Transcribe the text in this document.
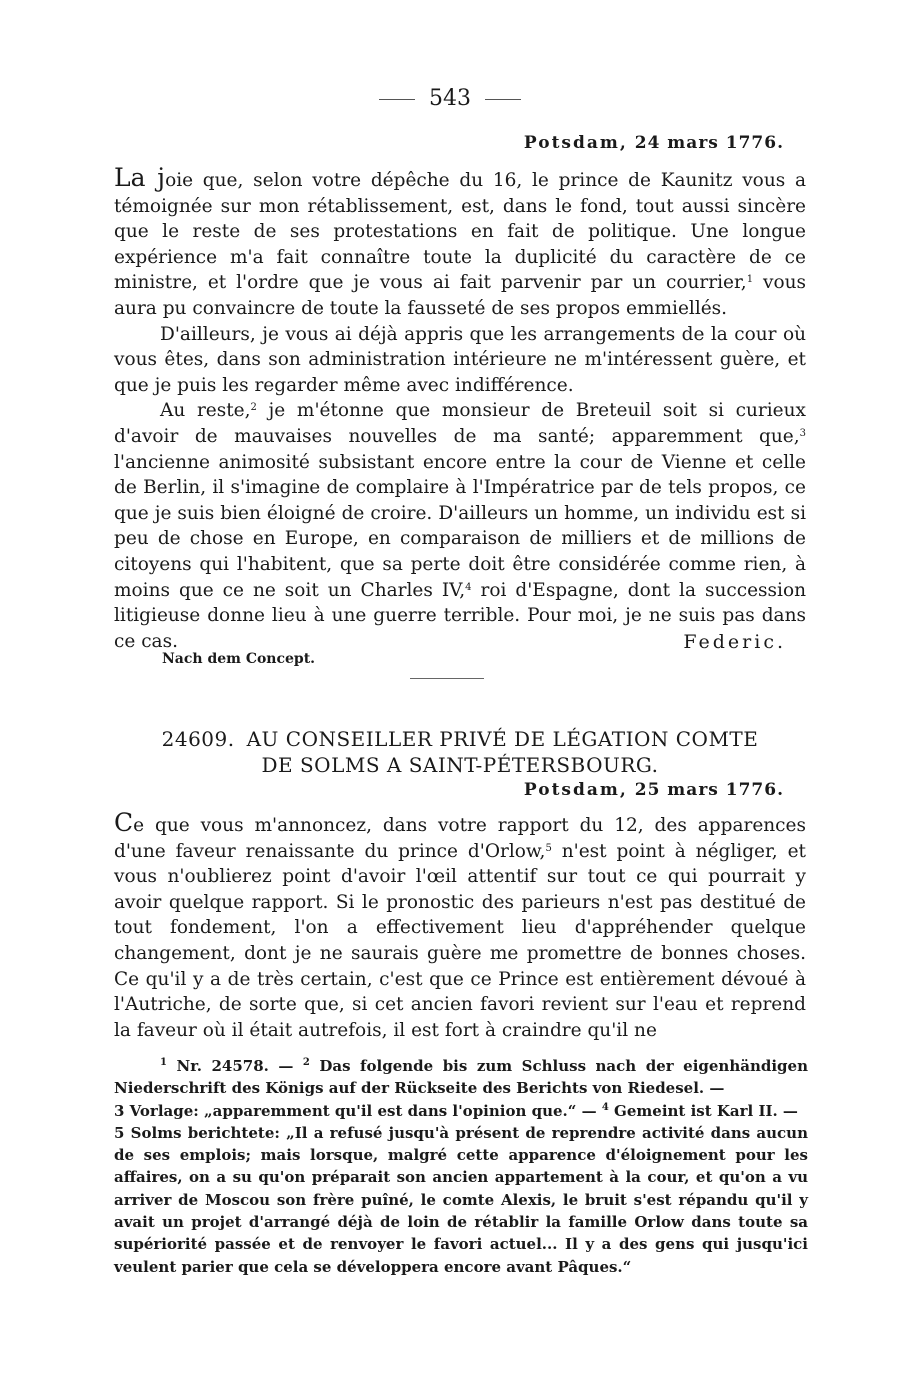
543
Potsdam, 24 mars 1776.

La joie que, selon votre dépêche du 16, le prince de Kaunitz vous a témoignée sur mon rétablissement, est, dans le fond, tout aussi sincère que le reste de ses protestations en fait de politique. Une longue expérience m'a fait connaître toute la duplicité du caractère de ce ministre, et l'ordre que je vous ai fait parvenir par un courrier,$^1$ vous aura pu convaincre de toute la fausseté de ses propos emmiellés.

D'ailleurs, je vous ai déjà appris que les arrangements de la cour où vous êtes, dans son administration intérieure ne m'intéressent guère, et que je puis les regarder même avec indifférence.

Au reste,$^2$ je m'étonne que monsieur de Breteuil soit si curieux d'avoir de mauvaises nouvelles de ma santé; apparemment que,$^3$ l'ancienne animosité subsistant encore entre la cour de Vienne et celle de Berlin, il s'imagine de complaire à l'Impératrice par de tels propos, ce que je suis bien éloigné de croire. D'ailleurs un homme, un individu est si peu de chose en Europe, en comparaison de milliers et de millions de citoyens qui l'habitent, que sa perte doit être considérée comme rien, à moins que ce ne soit un Charles IV,$^4$ roi d'Espagne, dont la succession litigieuse donne lieu à une guerre terrible. Pour moi, je ne suis pas dans ce cas.	Federic.
Nach dem Concept.
24609. AU CONSEILLER PRIVÉ DE LÉGATION COMTE
DE SOLMS A SAINT-PÉTERSBOURG.
Potsdam, 25 mars 1776.

Ce que vous m'annoncez, dans votre rapport du 12, des apparences d'une faveur renaissante du prince d'Orlow,$^5$ n'est point à négliger, et vous n'oublierez point d'avoir l'œil attentif sur tout ce qui pourrait y avoir quelque rapport. Si le pronostic des parieurs n'est pas destitué de tout fondement, l'on a effectivement lieu d'appréhender quelque changement, dont je ne saurais guère me promettre de bonnes choses. Ce qu'il y a de très certain, c'est que ce Prince est entièrement dévoué à l'Autriche, de sorte que, si cet ancien favori revient sur l'eau et reprend la faveur où il était autrefois, il est fort à craindre qu'il ne

$^1$ Nr. 24578. — $^2$ Das folgende bis zum Schluss nach der eigenhändigen Niederschrift des Königs auf der Rückseite des Berichts von Riedesel. —

3 Vorlage: „apparemment qu'il est dans l'opinion que.“ — $^4$ Gemeint ist Karl II. —

5 Solms berichtete: „Il a refusé jusqu'à présent de reprendre activité dans aucun de ses emplois; mais lorsque, malgré cette apparence d'éloignement pour les affaires, on a su qu'on préparait son ancien appartement à la cour, et qu'on a vu arriver de Moscou son frère puîné, le comte Alexis, le bruit s'est répandu qu'il y avait un projet d'arrangé déjà de loin de rétablir la famille Orlow dans toute sa supériorité passée et de renvoyer le favori actuel... Il y a des gens qui jusqu'ici veulent parier que cela se développera encore avant Pâques.“
